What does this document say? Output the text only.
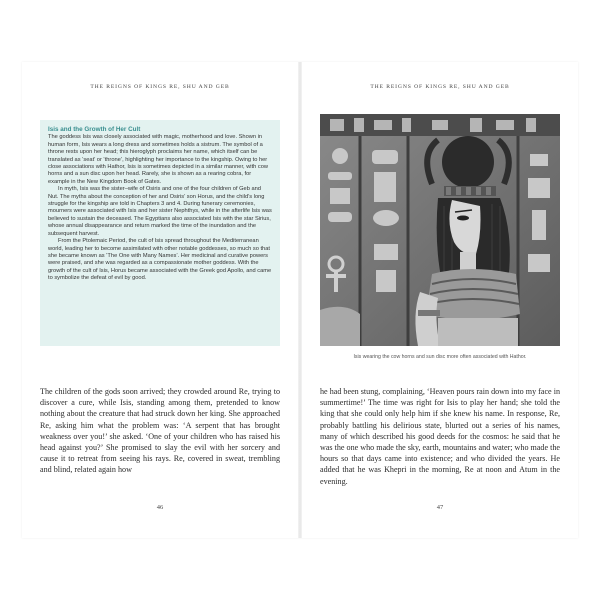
THE REIGNS OF KINGS RE, SHU AND GEB
Isis and the Growth of Her Cult

The goddess Isis was closely associated with magic, motherhood and love. Shown in human form, Isis wears a long dress and sometimes holds a sistrum. The symbol of a throne rests upon her head; this hieroglyph proclaims her name, which itself can be translated as ‘seat’ or ‘throne’, highlighting her importance to the kingship. Owing to her close associations with Hathor, Isis is sometimes depicted in a similar manner, with cow horns and a sun disc upon her head. Rarely, she is shown as a rearing cobra, for example in the New Kingdom Book of Gates.

In myth, Isis was the sister–wife of Osiris and one of the four children of Geb and Nut. The myths about the conception of her and Osiris’ son Horus, and the child’s long struggle for the kingship are told in Chapters 3 and 4. During funerary ceremonies, mourners were associated with Isis and her sister Nephthys, while in the afterlife Isis was believed to sustain the deceased. The Egyptians also associated Isis with the star Sirius, whose annual disappearance and return marked the time of the inundation and the subsequent harvest.

From the Ptolemaic Period, the cult of Isis spread throughout the Mediterranean world, leading her to become assimilated with other notable goddesses, so much so that she became known as ‘The One with Many Names’. Her medicinal and curative powers were praised, and she was regarded as a compassionate mother goddess. With the growth of the cult of Isis, Horus became associated with the Greek god Apollo, and came to symbolize the defeat of evil by good.

The children of the gods soon arrived; they crowded around Re, trying to discover a cure, while Isis, standing among them, pretended to know nothing about the creature that had struck down her king. She approached Re, asking him what the problem was: ‘A serpent that has brought weakness over you!’ she asked. ‘One of your children who has raised his head against you?’ She promised to slay the evil with her sorcery and cause it to retreat from seeing his rays. Re, covered in sweat, trembling and blind, related again how
46
THE REIGNS OF KINGS RE, SHU AND GEB
Isis wearing the cow horns and sun disc more often associated with Hathor.
he had been stung, complaining, ‘Heaven pours rain down into my face in summertime!’ The time was right for Isis to play her hand; she told the king that she could only help him if she knew his name. In response, Re, probably battling his delirious state, blurted out a series of his names, many of which described his good deeds for the cosmos: he said that he was the one who made the sky, earth, mountains and water; who made the hours so that days came into existence; and who divided the years. He added that he was Khepri in the morning, Re at noon and Atum in the evening.
47
